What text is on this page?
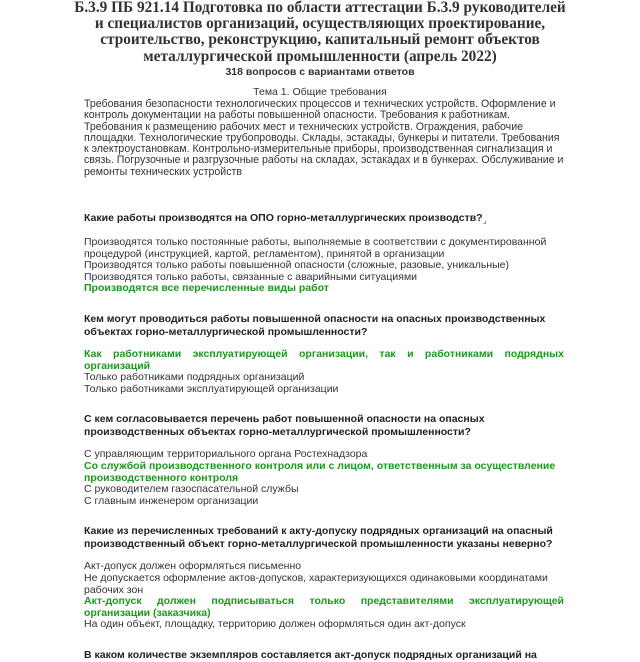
Б.3.9 ПБ 921.14 Подготовка по области аттестации Б.3.9 руководителей и специалистов организаций, осуществляющих проектирование, строительство, реконструкцию, капитальный ремонт объектов металлургической промышленности (апрель 2022)
318 вопросов с вариантами ответов
Тема 1. Общие требования
Требования безопасности технологических процессов и технических устройств. Оформление и контроль документации на работы повышенной опасности. Требования к работникам. Требования к размещению рабочих мест и технических устройств. Ограждения, рабочие площадки. Технологические трубопроводы. Склады, эстакады, бункеры и питатели. Требования к электроустановкам. Контрольно-измерительные приборы, производственная сигнализация и связь. Погрузочные и разгрузочные работы на складах, эстакадах и в бункерах. Обслуживание и ремонты технических устройств
Какие работы производятся на ОПО горно-металлургических производств?⌟
Производятся только постоянные работы, выполняемые в соответствии с документированной процедурой (инструкцией, картой, регламентом), принятой в организации
Производятся только работы повышенной опасности (сложные, разовые, уникальные)
Производятся только работы, связанные с аварийными ситуациями
Производятся все перечисленные виды работ
Кем могут проводиться работы повышенной опасности на опасных производственных объектах горно-металлургической промышленности?
Как работниками эксплуатирующей организации, так и работниками подрядных организаций
Только работниками подрядных организаций
Только работниками эксплуатирующей организации
С кем согласовывается перечень работ повышенной опасности на опасных производственных объектах горно-металлургической промышленности?
С управляющим территориального органа Ростехнадзора
Со службой производственного контроля или с лицом, ответственным за осуществление производственного контроля
С руководителем газоспасательной службы
С главным инженером организации
Какие из перечисленных требований к акту-допуску подрядных организаций на опасный производственный объект горно-металлургической промышленности указаны неверно?
Акт-допуск должен оформляться письменно
Не допускается оформление актов-допусков, характеризующихся одинаковыми координатами рабочих зон
Акт-допуск должен подписываться только представителями эксплуатирующей организации (заказчика)
На один объект, площадку, территорию должен оформляться один акт-допуск
В каком количестве экземпляров составляется акт-допуск подрядных организаций на
